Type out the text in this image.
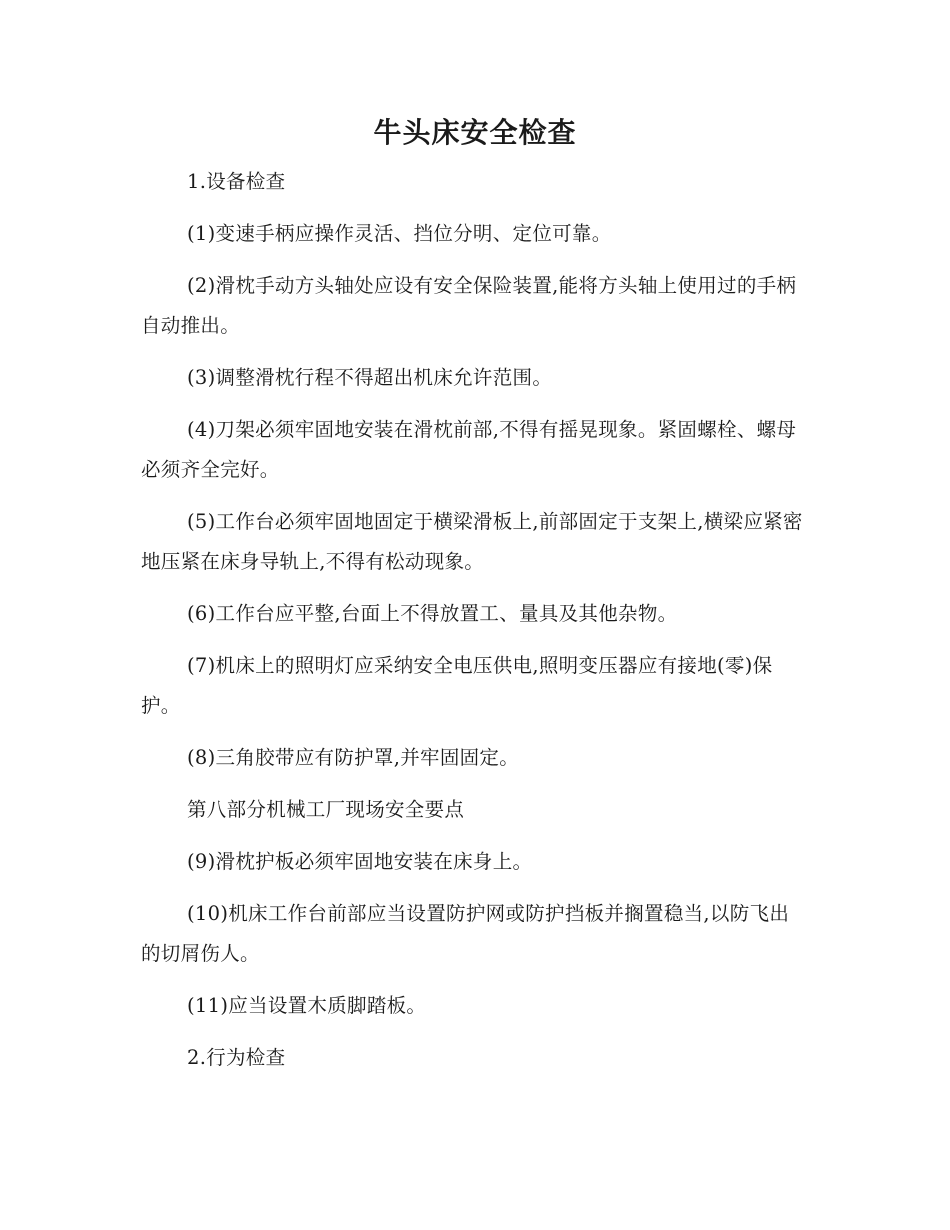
牛头床安全检查

1.设备检查

(1)变速手柄应操作灵活、挡位分明、定位可靠。

(2)滑枕手动方头轴处应设有安全保险装置,能将方头轴上使用过的手柄自动推出。

(3)调整滑枕行程不得超出机床允许范围。

(4)刀架必须牢固地安装在滑枕前部,不得有摇晃现象。紧固螺栓、螺母必须齐全完好。

(5)工作台必须牢固地固定于横梁滑板上,前部固定于支架上,横梁应紧密地压紧在床身导轨上,不得有松动现象。

(6)工作台应平整,台面上不得放置工、量具及其他杂物。

(7)机床上的照明灯应采纳安全电压供电,照明变压器应有接地(零)保护。

(8)三角胶带应有防护罩,并牢固固定。

第八部分机械工厂现场安全要点

(9)滑枕护板必须牢固地安装在床身上。

(10)机床工作台前部应当设置防护网或防护挡板并搁置稳当,以防飞出的切屑伤人。

(11)应当设置木质脚踏板。

2.行为检查
